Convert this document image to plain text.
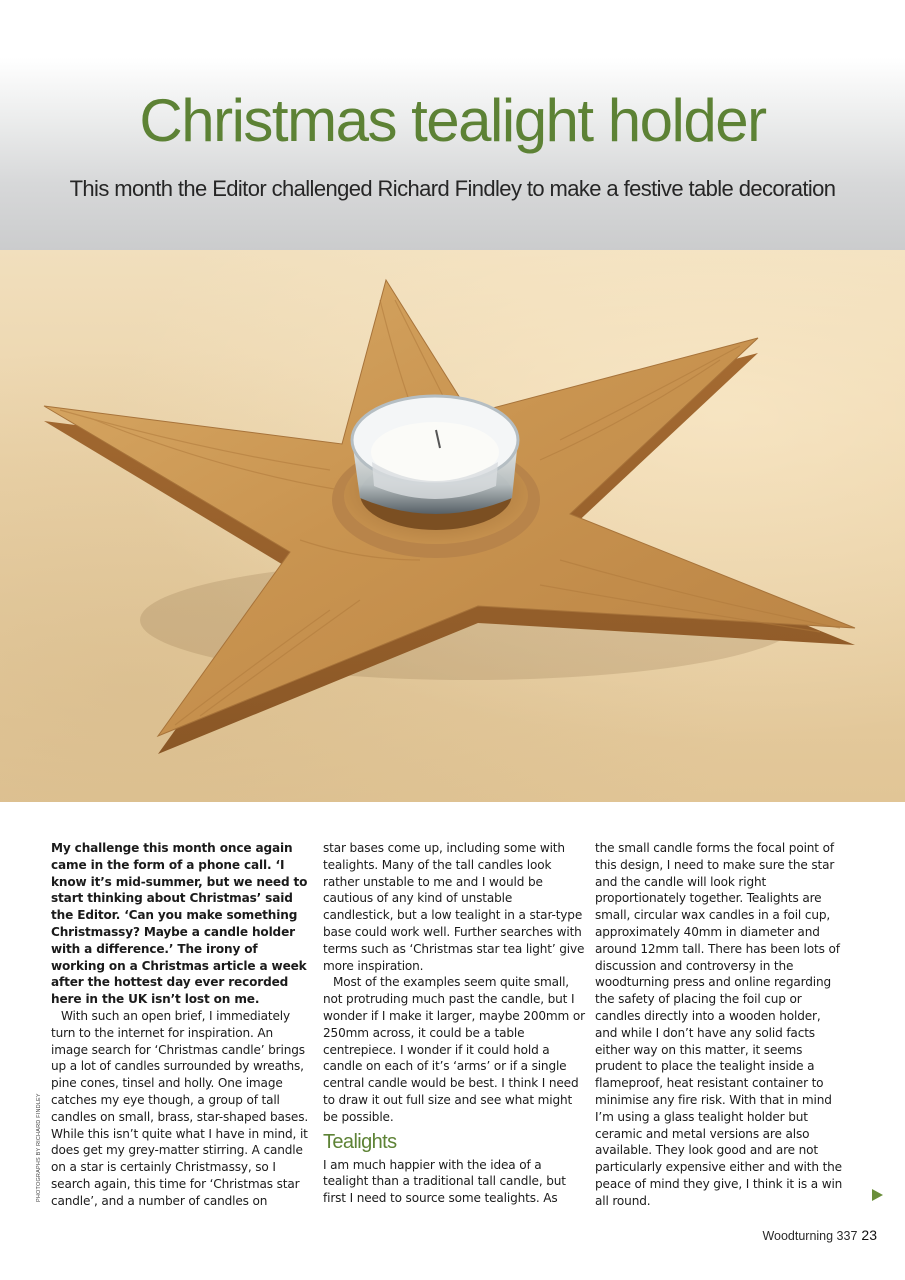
Christmas tealight holder

This month the Editor challenged Richard Findley to make a festive table decoration

My challenge this month once again came in the form of a phone call. ‘I know it’s mid-summer, but we need to start thinking about Christmas’ said the Editor. ‘Can you make something Christmassy? Maybe a candle holder with a difference.’ The irony of working on a Christmas article a week after the hottest day ever recorded here in the UK isn’t lost on me.

With such an open brief, I immediately turn to the internet for inspiration. An image search for ‘Christmas candle’ brings up a lot of candles surrounded by wreaths, pine cones, tinsel and holly. One image catches my eye though, a group of tall candles on small, brass, star-shaped bases. While this isn’t quite what I have in mind, it does get my grey-matter stirring. A candle on a star is certainly Christmassy, so I search again, this time for ‘Christmas star candle’, and a number of candles on

star bases come up, including some with tealights. Many of the tall candles look rather unstable to me and I would be cautious of any kind of unstable candlestick, but a low tealight in a star-type base could work well. Further searches with terms such as ‘Christmas star tea light’ give more inspiration.

Most of the examples seem quite small, not protruding much past the candle, but I wonder if I make it larger, maybe 200mm or 250mm across, it could be a table centrepiece. I wonder if it could hold a candle on each of it’s ‘arms’ or if a single central candle would be best. I think I need to draw it out full size and see what might be possible.

Tealights

I am much happier with the idea of a tealight than a traditional tall candle, but first I need to source some tealights. As

the small candle forms the focal point of this design, I need to make sure the star and the candle will look right proportionately together. Tealights are small, circular wax candles in a foil cup, approximately 40mm in diameter and around 12mm tall. There has been lots of discussion and controversy in the woodturning press and online regarding the safety of placing the foil cup or candles directly into a wooden holder, and while I don’t have any solid facts either way on this matter, it seems prudent to place the tealight inside a flameproof, heat resistant container to minimise any fire risk. With that in mind I’m using a glass tealight holder but ceramic and metal versions are also available. They look good and are not particularly expensive either and with the peace of mind they give, I think it is a win all round.

PHOTOGRAPHS BY RICHARD FINDLEY
Woodturning 337 23
